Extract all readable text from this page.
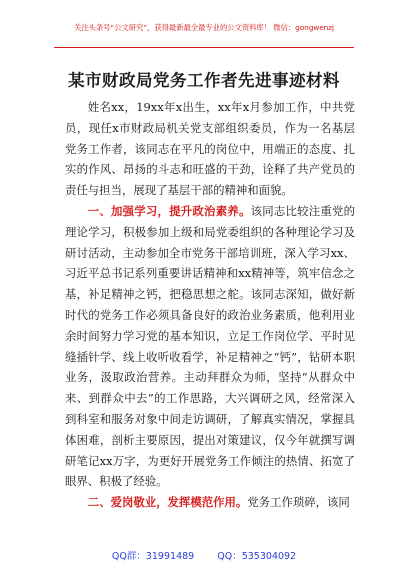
关注头条号“公文研究”，获得最新最全最专业的公文资料库！ 微信：gongwenzj
某市财政局党务工作者先进事迹材料

姓名xx，19xx年x出生，xx年x月参加工作，中共党员，现任x市财政局机关党支部组织委员，作为一名基层党务工作者，该同志在平凡的岗位中，用端正的态度、扎实的作风、昂扬的斗志和旺盛的干劲，诠释了共产党员的责任与担当，展现了基层干部的精神和面貌。

一、加强学习，提升政治素养。该同志比较注重党的理论学习，积极参加上级和局党委组织的各种理论学习及研讨活动，主动参加全市党务干部培训班，深入学习xx、习近平总书记系列重要讲话精神和xx精神等，筑牢信念之基，补足精神之钙，把稳思想之舵。该同志深知，做好新时代的党务工作必须具备良好的政治业务素质，他利用业余时间努力学习党的基本知识，立足工作岗位学、平时见缝插针学、线上收听收看学，补足精神之“钙”，钻研本职业务，汲取政治营养。主动拜群众为师，坚持“从群众中来、到群众中去”的工作思路，大兴调研之风，经常深入到科室和服务对象中间走访调研，了解真实情况，掌握具体困难，剖析主要原因，提出对策建议，仅今年就撰写调研笔记xx万字，为更好开展党务工作倾注的热情、拓宽了眼界、积极了经验。

二、爱岗敬业，发挥模范作用。党务工作琐碎，该同

QQ群：31991489 QQ：535304092
